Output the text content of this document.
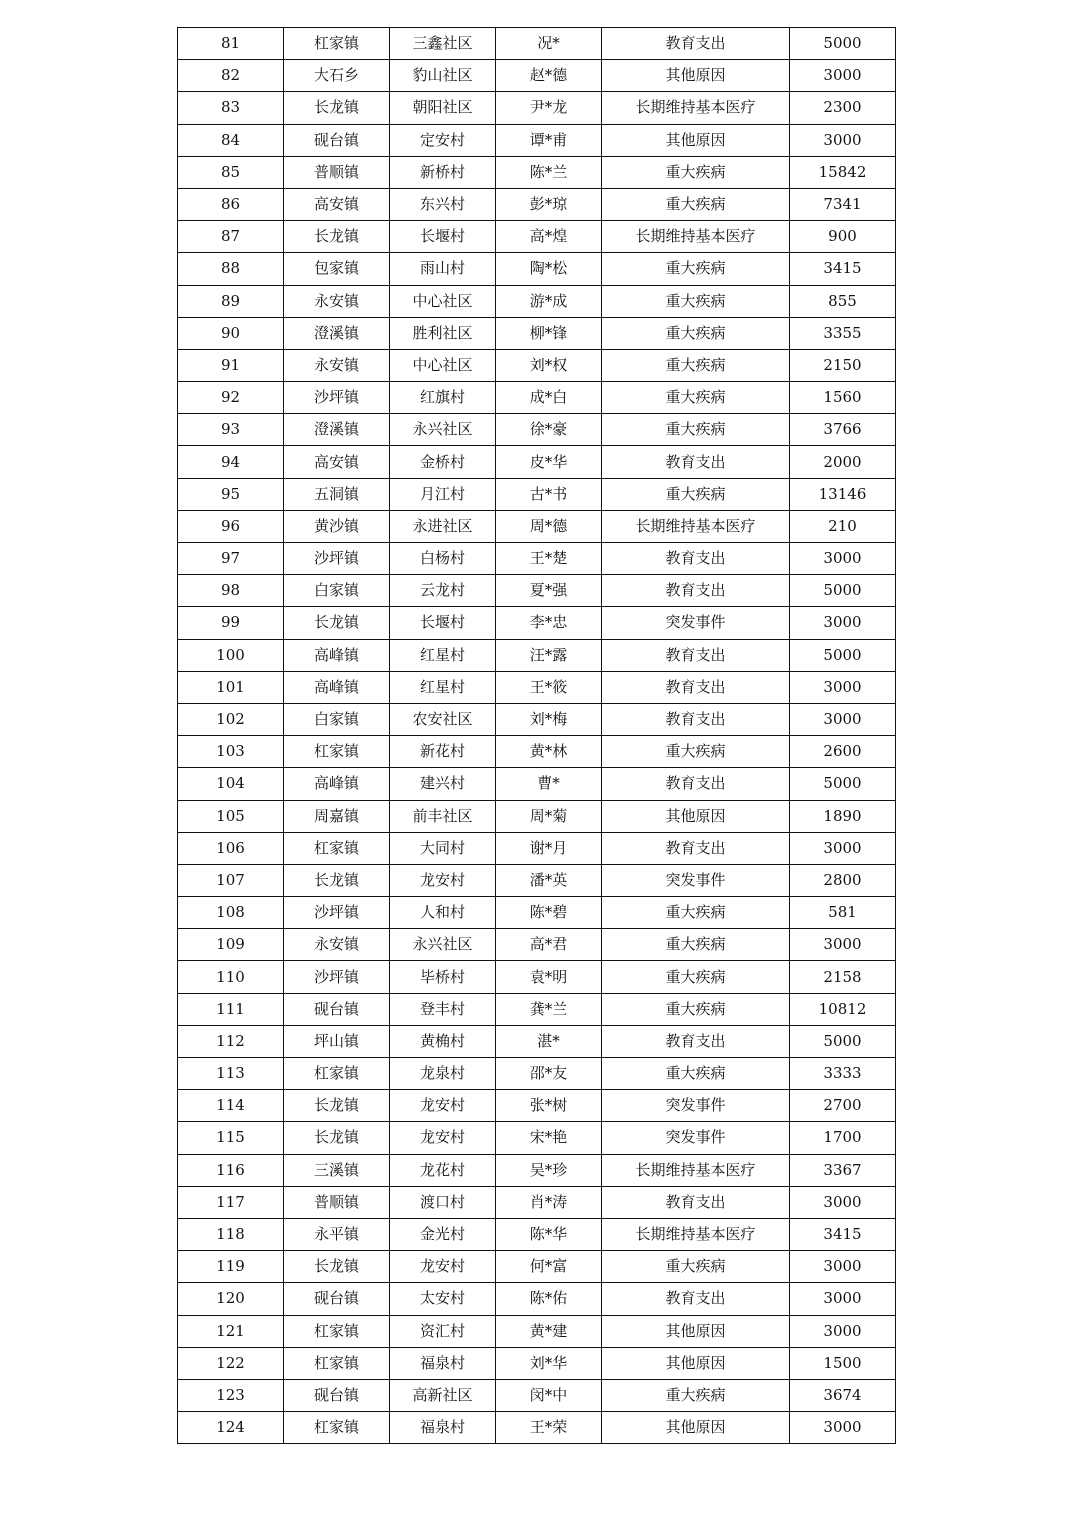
81	杠家镇	三鑫社区	况*	教育支出	5000
82	大石乡	豹山社区	赵*德	其他原因	3000
83	长龙镇	朝阳社区	尹*龙	长期维持基本医疗	2300
84	砚台镇	定安村	谭*甫	其他原因	3000
85	普顺镇	新桥村	陈*兰	重大疾病	15842
86	高安镇	东兴村	彭*琼	重大疾病	7341
87	长龙镇	长堰村	高*煌	长期维持基本医疗	900
88	包家镇	雨山村	陶*松	重大疾病	3415
89	永安镇	中心社区	游*成	重大疾病	855
90	澄溪镇	胜利社区	柳*锋	重大疾病	3355
91	永安镇	中心社区	刘*权	重大疾病	2150
92	沙坪镇	红旗村	成*白	重大疾病	1560
93	澄溪镇	永兴社区	徐*豪	重大疾病	3766
94	高安镇	金桥村	皮*华	教育支出	2000
95	五洞镇	月江村	古*书	重大疾病	13146
96	黄沙镇	永进社区	周*德	长期维持基本医疗	210
97	沙坪镇	白杨村	王*楚	教育支出	3000
98	白家镇	云龙村	夏*强	教育支出	5000
99	长龙镇	长堰村	李*忠	突发事件	3000
100	高峰镇	红星村	汪*露	教育支出	5000
101	高峰镇	红星村	王*筱	教育支出	3000
102	白家镇	农安社区	刘*梅	教育支出	3000
103	杠家镇	新花村	黄*林	重大疾病	2600
104	高峰镇	建兴村	曹*	教育支出	5000
105	周嘉镇	前丰社区	周*菊	其他原因	1890
106	杠家镇	大同村	谢*月	教育支出	3000
107	长龙镇	龙安村	潘*英	突发事件	2800
108	沙坪镇	人和村	陈*碧	重大疾病	581
109	永安镇	永兴社区	高*君	重大疾病	3000
110	沙坪镇	毕桥村	袁*明	重大疾病	2158
111	砚台镇	登丰村	龚*兰	重大疾病	10812
112	坪山镇	黄桷村	湛*	教育支出	5000
113	杠家镇	龙泉村	邵*友	重大疾病	3333
114	长龙镇	龙安村	张*树	突发事件	2700
115	长龙镇	龙安村	宋*艳	突发事件	1700
116	三溪镇	龙花村	吴*珍	长期维持基本医疗	3367
117	普顺镇	渡口村	肖*涛	教育支出	3000
118	永平镇	金光村	陈*华	长期维持基本医疗	3415
119	长龙镇	龙安村	何*富	重大疾病	3000
120	砚台镇	太安村	陈*佑	教育支出	3000
121	杠家镇	资汇村	黄*建	其他原因	3000
122	杠家镇	福泉村	刘*华	其他原因	1500
123	砚台镇	高新社区	闵*中	重大疾病	3674
124	杠家镇	福泉村	王*荣	其他原因	3000
